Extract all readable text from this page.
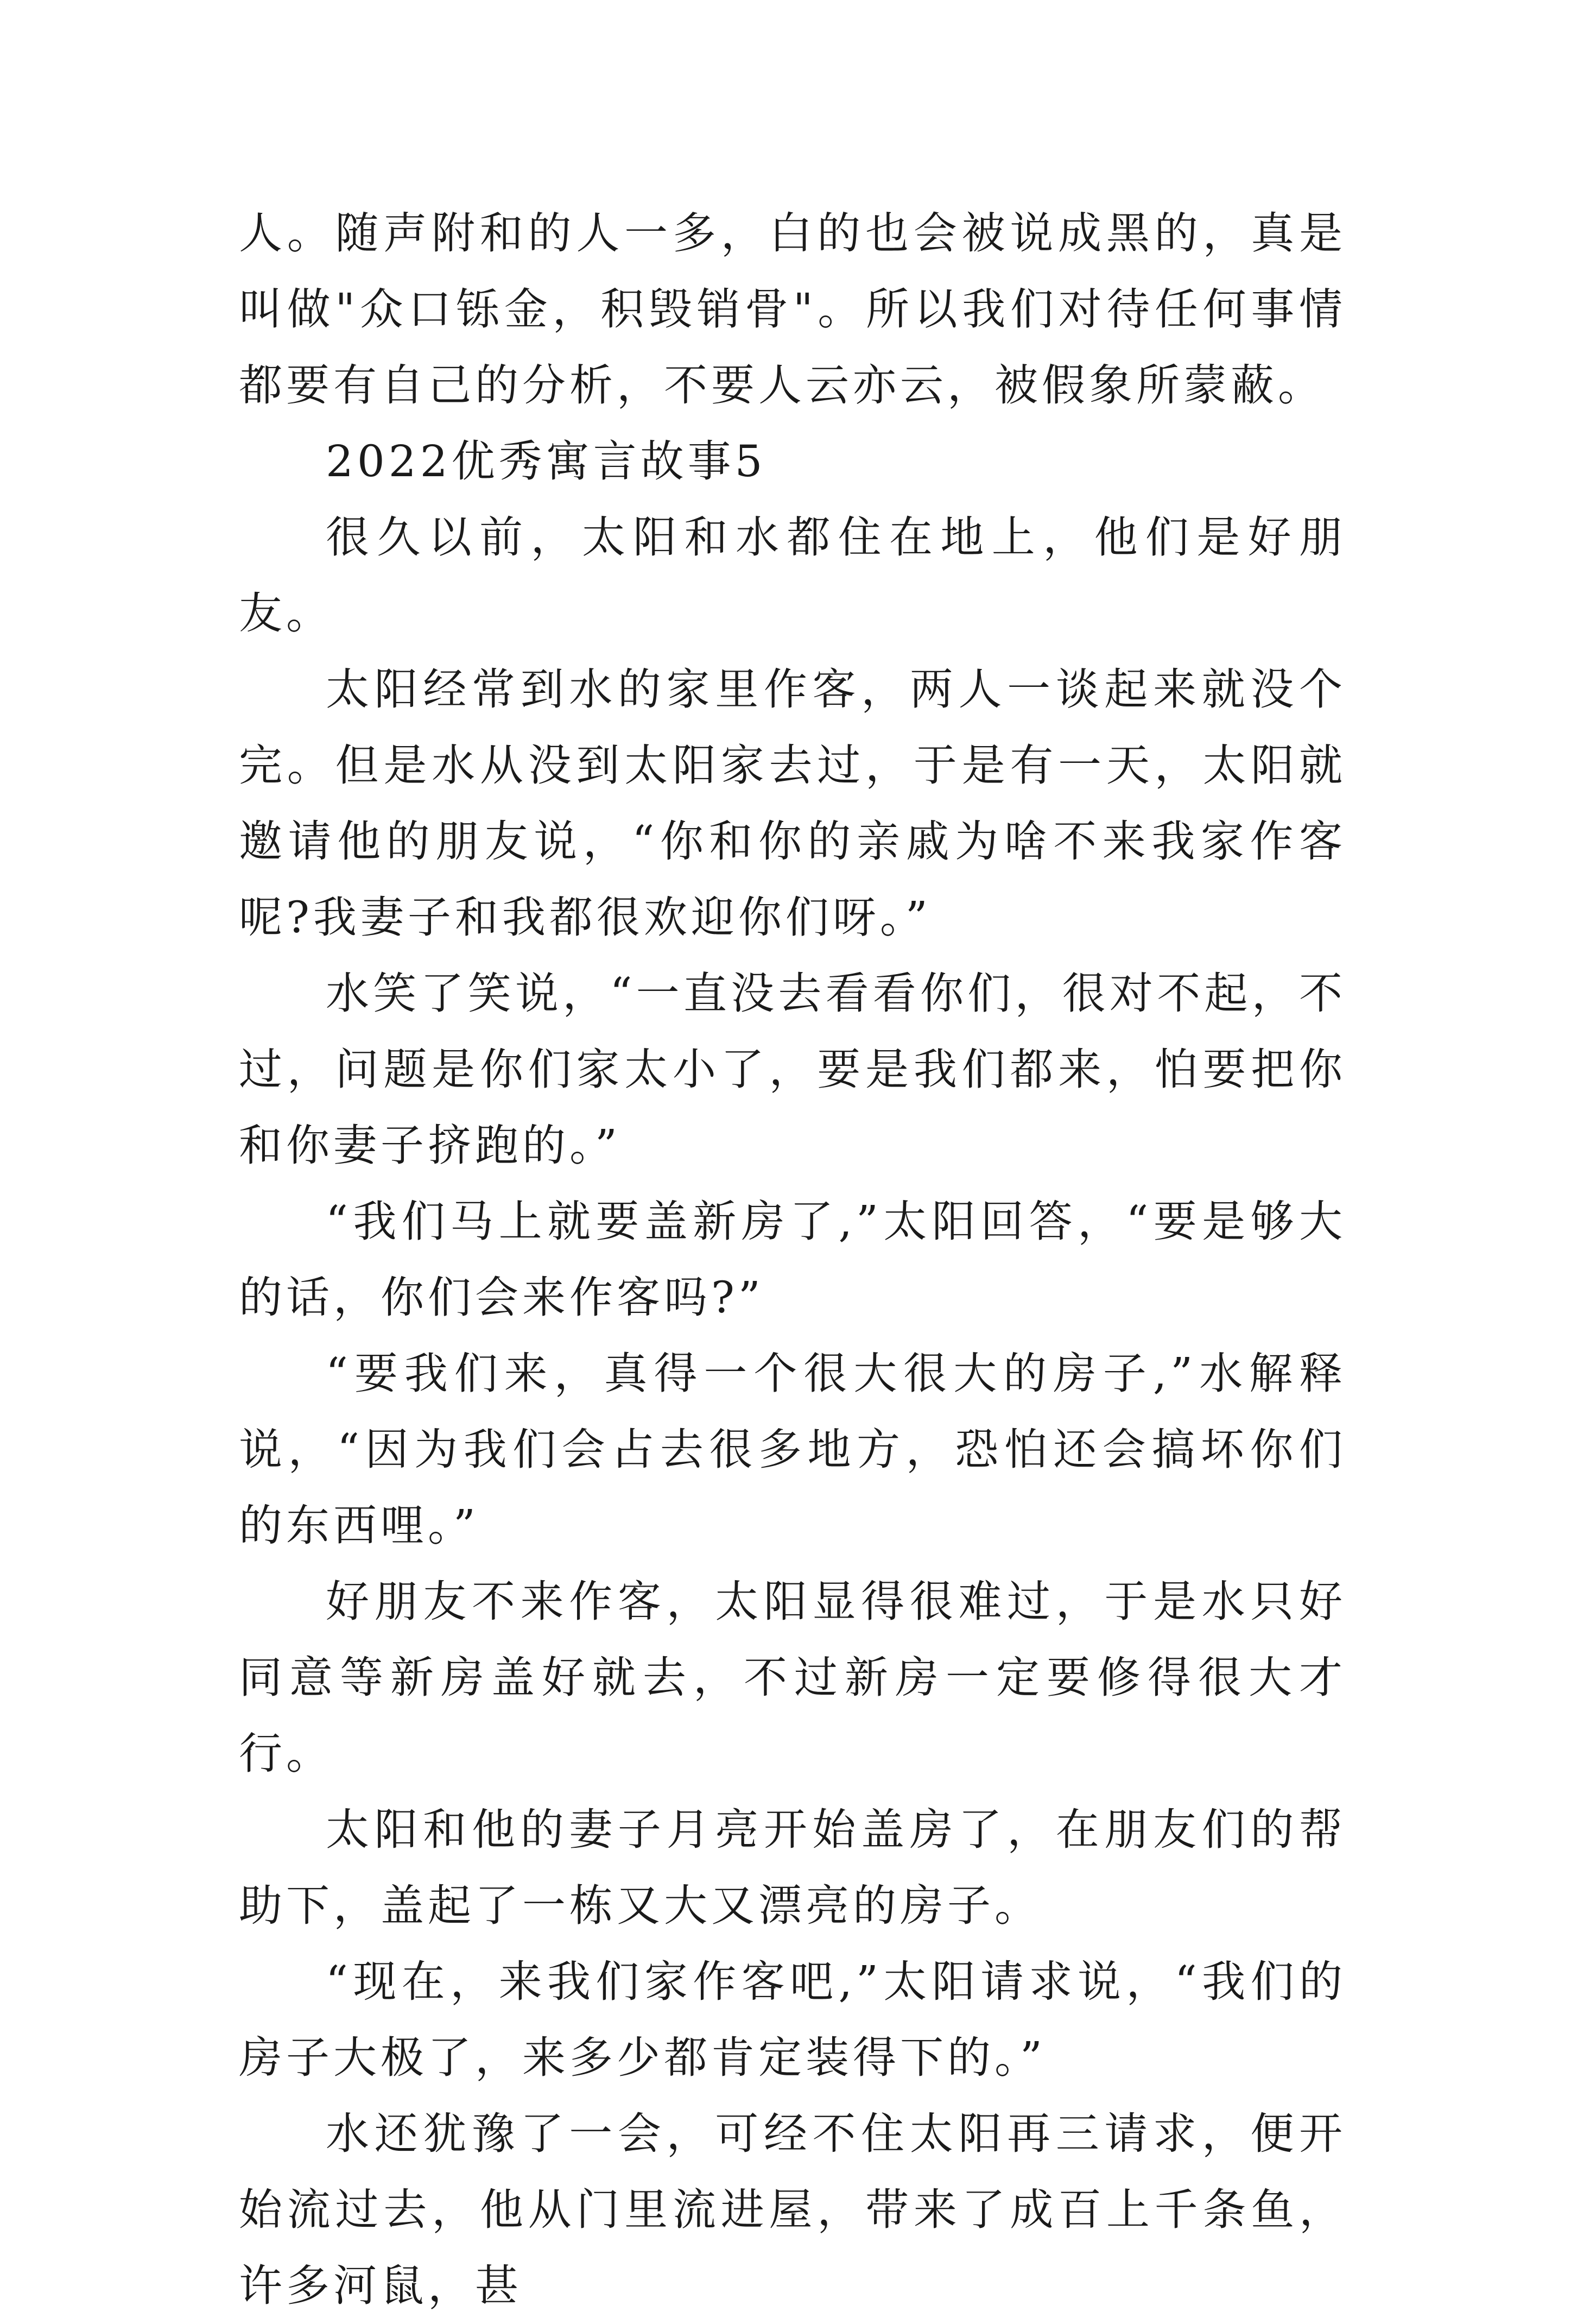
人。随声附和的人一多，白的也会被说成黑的，真是叫做"众口铄金，积毁销骨"。所以我们对待任何事情都要有自己的分析，不要人云亦云，被假象所蒙蔽。

2022优秀寓言故事5

很久以前，太阳和水都住在地上，他们是好朋友。

太阳经常到水的家里作客，两人一谈起来就没个完。但是水从没到太阳家去过，于是有一天，太阳就邀请他的朋友说，“你和你的亲戚为啥不来我家作客呢?我妻子和我都很欢迎你们呀。”

水笑了笑说，“一直没去看看你们，很对不起，不过，问题是你们家太小了，要是我们都来，怕要把你和你妻子挤跑的。”

“我们马上就要盖新房了,”太阳回答，“要是够大的话，你们会来作客吗?”

“要我们来，真得一个很大很大的房子,”水解释说，“因为我们会占去很多地方，恐怕还会搞坏你们的东西哩。”

好朋友不来作客，太阳显得很难过，于是水只好同意等新房盖好就去，不过新房一定要修得很大才行。

太阳和他的妻子月亮开始盖房了，在朋友们的帮助下，盖起了一栋又大又漂亮的房子。

“现在，来我们家作客吧,”太阳请求说，“我们的房子大极了，来多少都肯定装得下的。”

水还犹豫了一会，可经不住太阳再三请求，便开始流过去，他从门里流进屋，带来了成百上千条鱼，许多河鼠，甚
